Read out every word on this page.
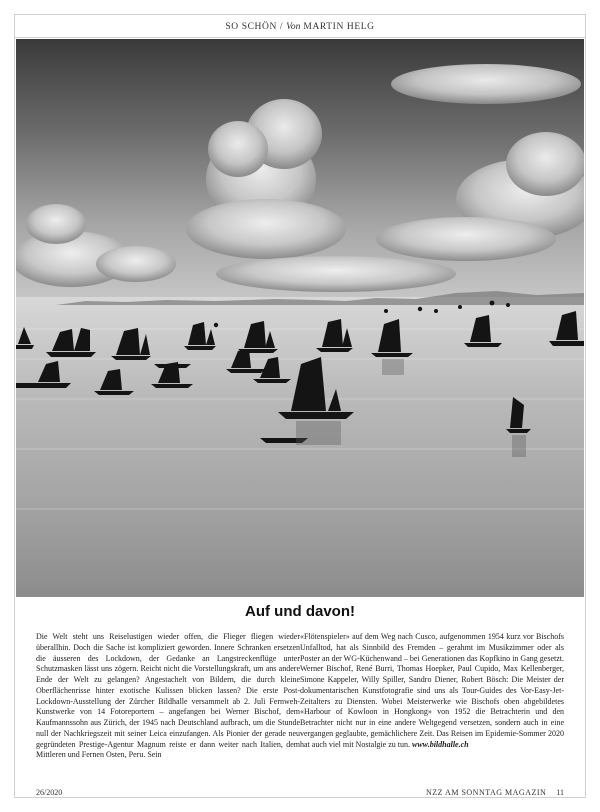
SO SCHÖN / Von MARTIN HELG
Auf und davon!
Die Welt steht uns Reiselustigen wieder offen, die Flieger fliegen wieder überallhin. Doch die Sache ist kompliziert geworden. Innere Schranken ersetzen die äusseren des Lockdown, der Gedanke an Langstreckenflüge unter Schutzmasken lässt uns zögern. Reicht nicht die Vorstellungskraft, um ans andere Ende der Welt zu gelangen? Angestachelt von Bildern, die durch kleine Oberflächenrisse hinter exotische Kulissen blicken lassen? Die erste Post-Lockdown-Ausstellung der Zürcher Bildhalle versammelt ab 2. Juli Fernweh-Kunstwerke von 14 Fotoreportern – angefangen bei Werner Bischof, dem Kaufmannssohn aus Zürich, der 1945 nach Deutschland aufbrach, um die Stunde null der Nachkriegszeit mit seiner Leica einzufangen. Als Pionier der gerade neu gegründeten Prestige-Agentur Magnum reiste er dann weiter nach Italien, dem Mittleren und Fernen Osten, Peru. Sein
«Flötenspieler» auf dem Weg nach Cusco, aufgenommen 1954 kurz vor Bischofs Unfalltod, hat als Sinnbild des Fremden – gerahmt im Musikzimmer oder als Poster an der WG-Küchenwand – bei Generationen das Kopfkino in Gang gesetzt. Werner Bischof, René Burri, Thomas Hoepker, Paul Cupido, Max Kellenberger, Simone Kappeler, Willy Spiller, Sandro Diener, Robert Bösch: Die Meister der dokumentarischen Kunstfotografie sind uns als Tour-Guides des Vor-Easy-Jet-Zeitalters zu Diensten. Wobei Meisterwerke wie Bischofs oben abgebildetes «Harbour of Kowloon in Hongkong» von 1952 die Betrachterin und den Betrachter nicht nur in eine andere Weltgegend versetzen, sondern auch in eine vergangen geglaubte, gemächlichere Zeit. Das Reisen im Epidemie-Sommer 2020 hat auch viel mit Nostalgie zu tun. www.bildhalle.ch
26/2020	NZZ AM SONNTAG MAGAZIN 11
